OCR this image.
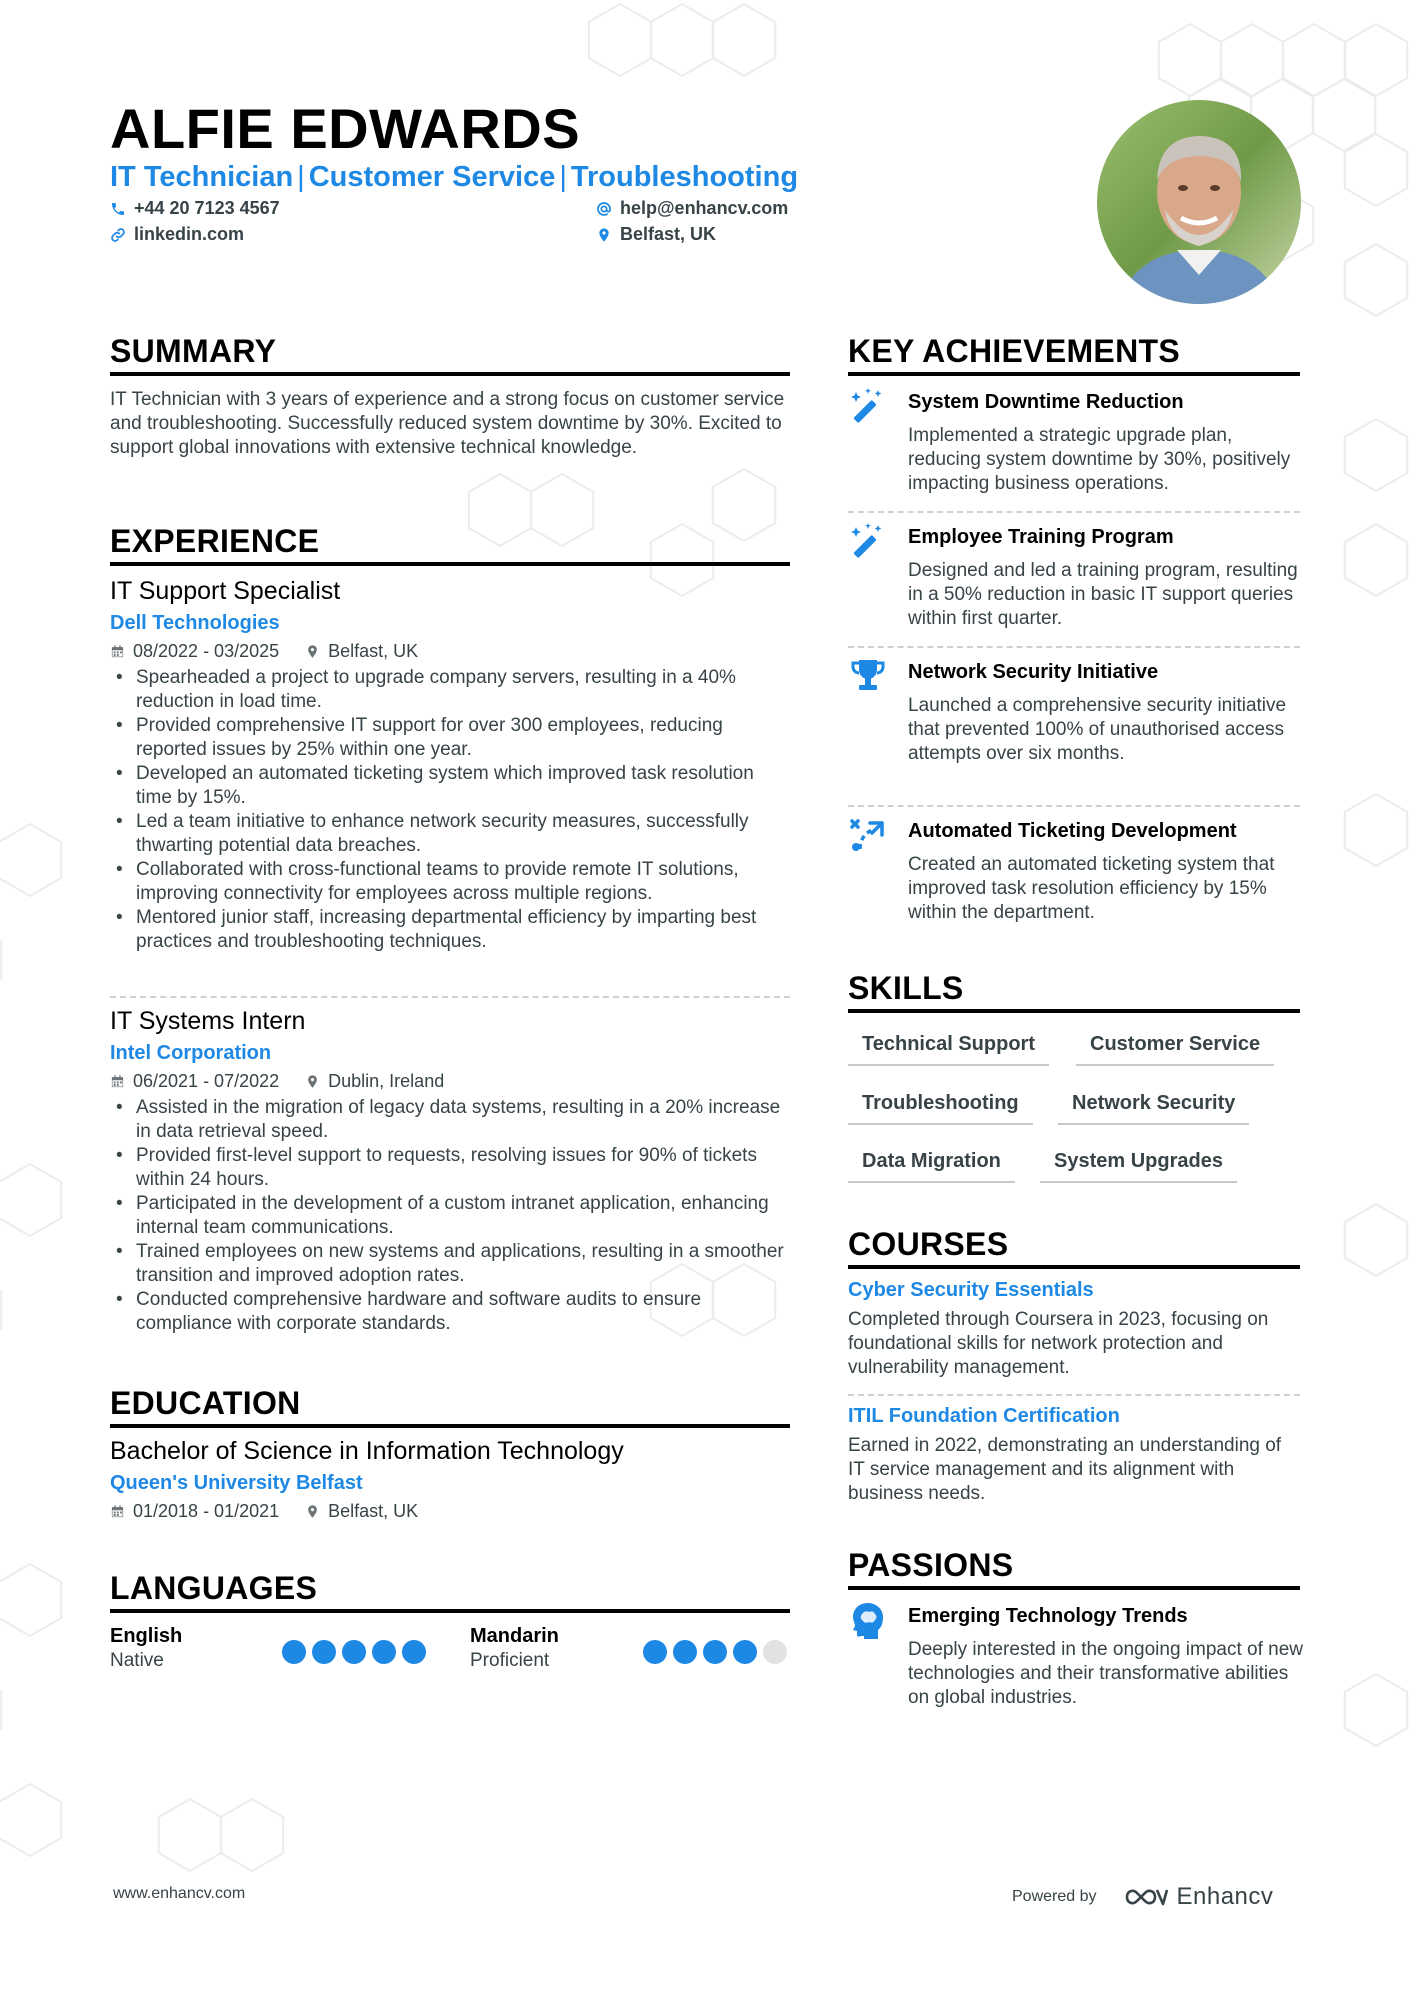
ALFIE EDWARDS
IT Technician | Customer Service | Troubleshooting
+44 20 7123 4567	help@enhancv.com
linkedin.com	Belfast, UK
SUMMARY
IT Technician with 3 years of experience and a strong focus on customer service and troubleshooting. Successfully reduced system downtime by 30%. Excited to support global innovations with extensive technical knowledge.
EXPERIENCE
IT Support Specialist
Dell Technologies
08/2022 - 03/2025	Belfast, UK
• Spearheaded a project to upgrade company servers, resulting in a 40% reduction in load time.
• Provided comprehensive IT support for over 300 employees, reducing reported issues by 25% within one year.
• Developed an automated ticketing system which improved task resolution time by 15%.
• Led a team initiative to enhance network security measures, successfully thwarting potential data breaches.
• Collaborated with cross-functional teams to provide remote IT solutions, improving connectivity for employees across multiple regions.
• Mentored junior staff, increasing departmental efficiency by imparting best practices and troubleshooting techniques.
IT Systems Intern
Intel Corporation
06/2021 - 07/2022	Dublin, Ireland
• Assisted in the migration of legacy data systems, resulting in a 20% increase in data retrieval speed.
• Provided first-level support to requests, resolving issues for 90% of tickets within 24 hours.
• Participated in the development of a custom intranet application, enhancing internal team communications.
• Trained employees on new systems and applications, resulting in a smoother transition and improved adoption rates.
• Conducted comprehensive hardware and software audits to ensure compliance with corporate standards.
EDUCATION
Bachelor of Science in Information Technology
Queen's University Belfast
01/2018 - 01/2021	Belfast, UK
LANGUAGES
English
Native
Mandarin
Proficient
KEY ACHIEVEMENTS
System Downtime Reduction
Implemented a strategic upgrade plan, reducing system downtime by 30%, positively impacting business operations.
Employee Training Program
Designed and led a training program, resulting in a 50% reduction in basic IT support queries within first quarter.
Network Security Initiative
Launched a comprehensive security initiative that prevented 100% of unauthorised access attempts over six months.
Automated Ticketing Development
Created an automated ticketing system that improved task resolution efficiency by 15% within the department.
SKILLS
Technical Support	Customer Service
Troubleshooting	Network Security
Data Migration	System Upgrades
COURSES
Cyber Security Essentials
Completed through Coursera in 2023, focusing on foundational skills for network protection and vulnerability management.
ITIL Foundation Certification
Earned in 2022, demonstrating an understanding of IT service management and its alignment with business needs.
PASSIONS
Emerging Technology Trends
Deeply interested in the ongoing impact of new technologies and their transformative abilities on global industries.
www.enhancv.com	Powered by	Enhancv
